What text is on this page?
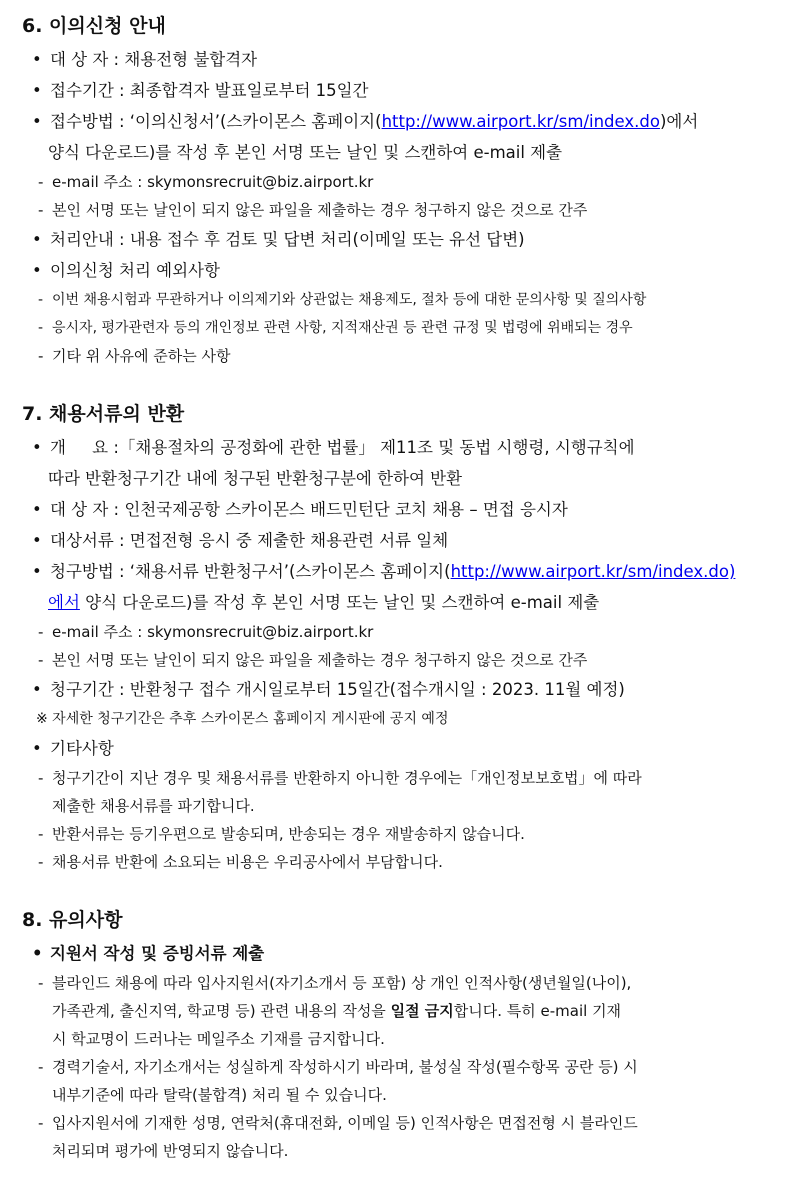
6. 이의신청 안내
• 대 상 자 : 채용전형 불합격자
• 접수기간 : 최종합격자 발표일로부터 15일간
• 접수방법 : ‘이의신청서’(스카이몬스 홈페이지(http://www.airport.kr/sm/index.do)에서
양식 다운로드)를 작성 후 본인 서명 또는 날인 및 스캔하여 e-mail 제출
- e-mail 주소 : skymonsrecruit@biz.airport.kr
- 본인 서명 또는 날인이 되지 않은 파일을 제출하는 경우 청구하지 않은 것으로 간주
• 처리안내 : 내용 접수 후 검토 및 답변 처리(이메일 또는 유선 답변)
• 이의신청 처리 예외사항
- 이번 채용시험과 무관하거나 이의제기와 상관없는 채용제도, 절차 등에 대한 문의사항 및 질의사항
- 응시자, 평가관련자 등의 개인정보 관련 사항, 지적재산권 등 관련 규정 및 법령에 위배되는 경우
- 기타 위 사유에 준하는 사항
7. 채용서류의 반환
• 개     요 :「채용절차의 공정화에 관한 법률」 제11조 및 동법 시행령, 시행규칙에
따라 반환청구기간 내에 청구된 반환청구분에 한하여 반환
• 대 상 자 : 인천국제공항 스카이몬스 배드민턴단 코치 채용 – 면접 응시자
• 대상서류 : 면접전형 응시 중 제출한 채용관련 서류 일체
• 청구방법 : ‘채용서류 반환청구서’(스카이몬스 홈페이지(http://www.airport.kr/sm/index.do)
에서 양식 다운로드)를 작성 후 본인 서명 또는 날인 및 스캔하여 e-mail 제출
- e-mail 주소 : skymonsrecruit@biz.airport.kr
- 본인 서명 또는 날인이 되지 않은 파일을 제출하는 경우 청구하지 않은 것으로 간주
• 청구기간 : 반환청구 접수 개시일로부터 15일간(접수개시일 : 2023. 11월 예정)
※ 자세한 청구기간은 추후 스카이몬스 홈페이지 게시판에 공지 예정
• 기타사항
- 청구기간이 지난 경우 및 채용서류를 반환하지 아니한 경우에는「개인정보보호법」에 따라
제출한 채용서류를 파기합니다.
- 반환서류는 등기우편으로 발송되며, 반송되는 경우 재발송하지 않습니다.
- 채용서류 반환에 소요되는 비용은 우리공사에서 부담합니다.
8. 유의사항
• 지원서 작성 및 증빙서류 제출
- 블라인드 채용에 따라 입사지원서(자기소개서 등 포함) 상 개인 인적사항(생년월일(나이),
가족관계, 출신지역, 학교명 등) 관련 내용의 작성을 일절 금지합니다. 특히 e-mail 기재
시 학교명이 드러나는 메일주소 기재를 금지합니다.
- 경력기술서, 자기소개서는 성실하게 작성하시기 바라며, 불성실 작성(필수항목 공란 등) 시
내부기준에 따라 탈락(불합격) 처리 될 수 있습니다.
- 입사지원서에 기재한 성명, 연락처(휴대전화, 이메일 등) 인적사항은 면접전형 시 블라인드
처리되며 평가에 반영되지 않습니다.
